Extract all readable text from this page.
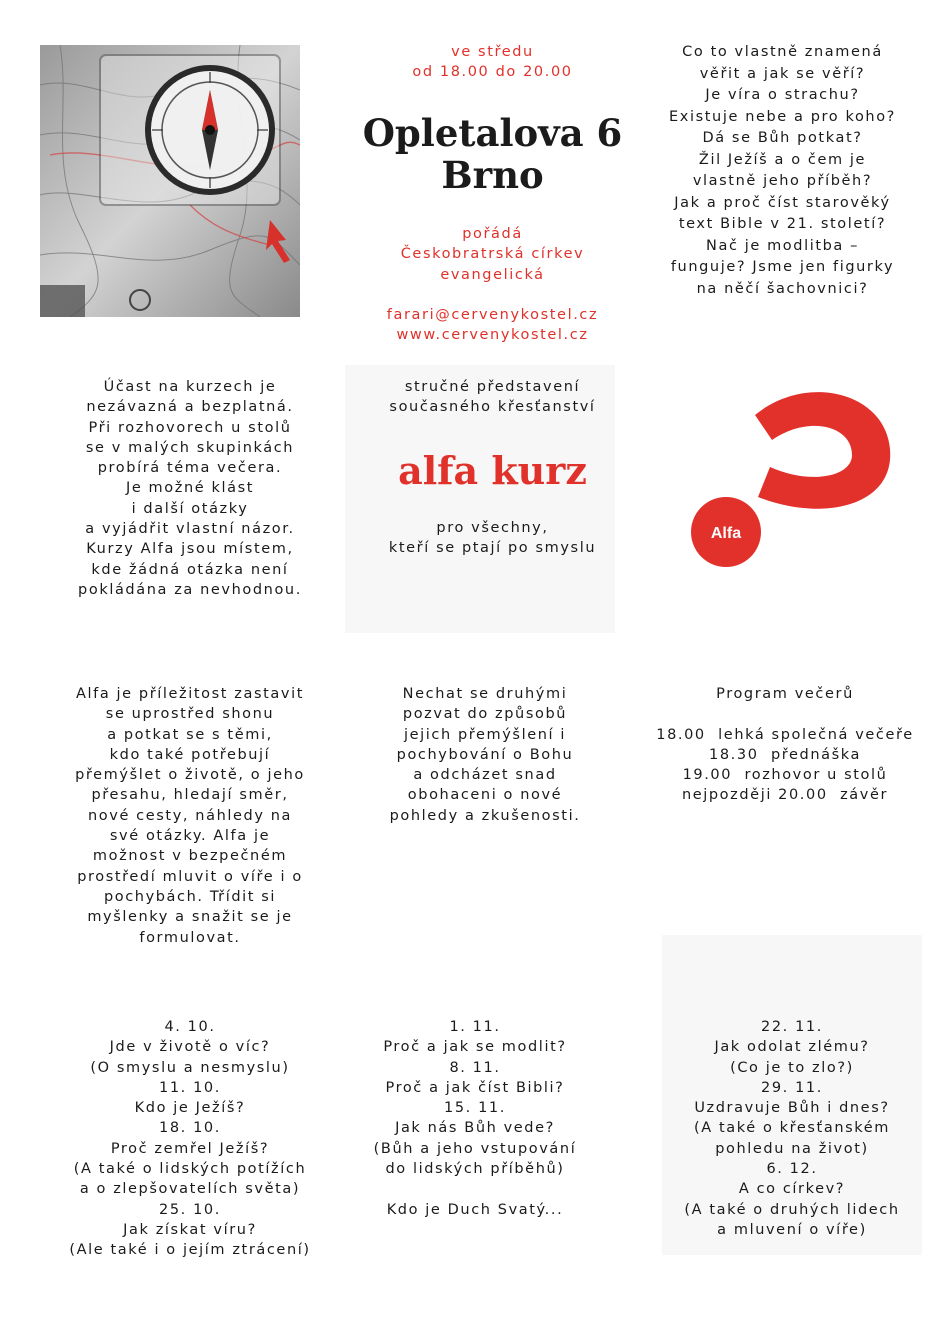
ve středu
od 18.00 do 20.00
Opletalova 6
Brno
pořádá
Českobratrská církev
evangelická
farari@cervenykostel.cz
www.cervenykostel.cz
Co to vlastně znamená
věřit a jak se věří?
Je víra o strachu?
Existuje nebe a pro koho?
Dá se Bůh potkat?
Žil Ježíš a o čem je
vlastně jeho příběh?
Jak a proč číst starověký
text Bible v 21. století?
Nač je modlitba –
funguje? Jsme jen figurky
na něčí šachovnici?
Účast na kurzech je
nezávazná a bezplatná.
Při rozhovorech u stolů
se v malých skupinkách
probírá téma večera.
Je možné klást
i další otázky
a vyjádřit vlastní názor.
Kurzy Alfa jsou místem,
kde žádná otázka není
pokládána za nevhodnou.
stručné představení
současného křesťanství
alfa kurz
pro všechny,
kteří se ptají po smyslu
Alfa
Alfa je příležitost zastavit
se uprostřed shonu
a potkat se s těmi,
kdo také potřebují
přemýšlet o životě, o jeho
přesahu, hledají směr,
nové cesty, náhledy na
své otázky. Alfa je
možnost v bezpečném
prostředí mluvit o víře i o
pochybách. Třídit si
myšlenky a snažit se je
formulovat.
Nechat se druhými
pozvat do způsobů
jejich přemýšlení i
pochybování o Bohu
a odcházet snad
obohaceni o nové
pohledy a zkušenosti.
Program večerů

18.00  lehká společná večeře
18.30  přednáška
19.00  rozhovor u stolů
nejpozději 20.00  závěr
4. 10.
Jde v životě o víc?
(O smyslu a nesmyslu)
11. 10.
Kdo je Ježíš?
18. 10.
Proč zemřel Ježíš?
(A také o lidských potížích
a o zlepšovatelích světa)
25. 10.
Jak získat víru?
(Ale také i o jejím ztrácení)
1. 11.
Proč a jak se modlit?
8. 11.
Proč a jak číst Bibli?
15. 11.
Jak nás Bůh vede?
(Bůh a jeho vstupování
do lidských příběhů)

Kdo je Duch Svatý...
22. 11.
Jak odolat zlému?
(Co je to zlo?)
29. 11.
Uzdravuje Bůh i dnes?
(A také o křesťanském
pohledu na život)
6. 12.
A co církev?
(A také o druhých lidech
a mluvení o víře)
